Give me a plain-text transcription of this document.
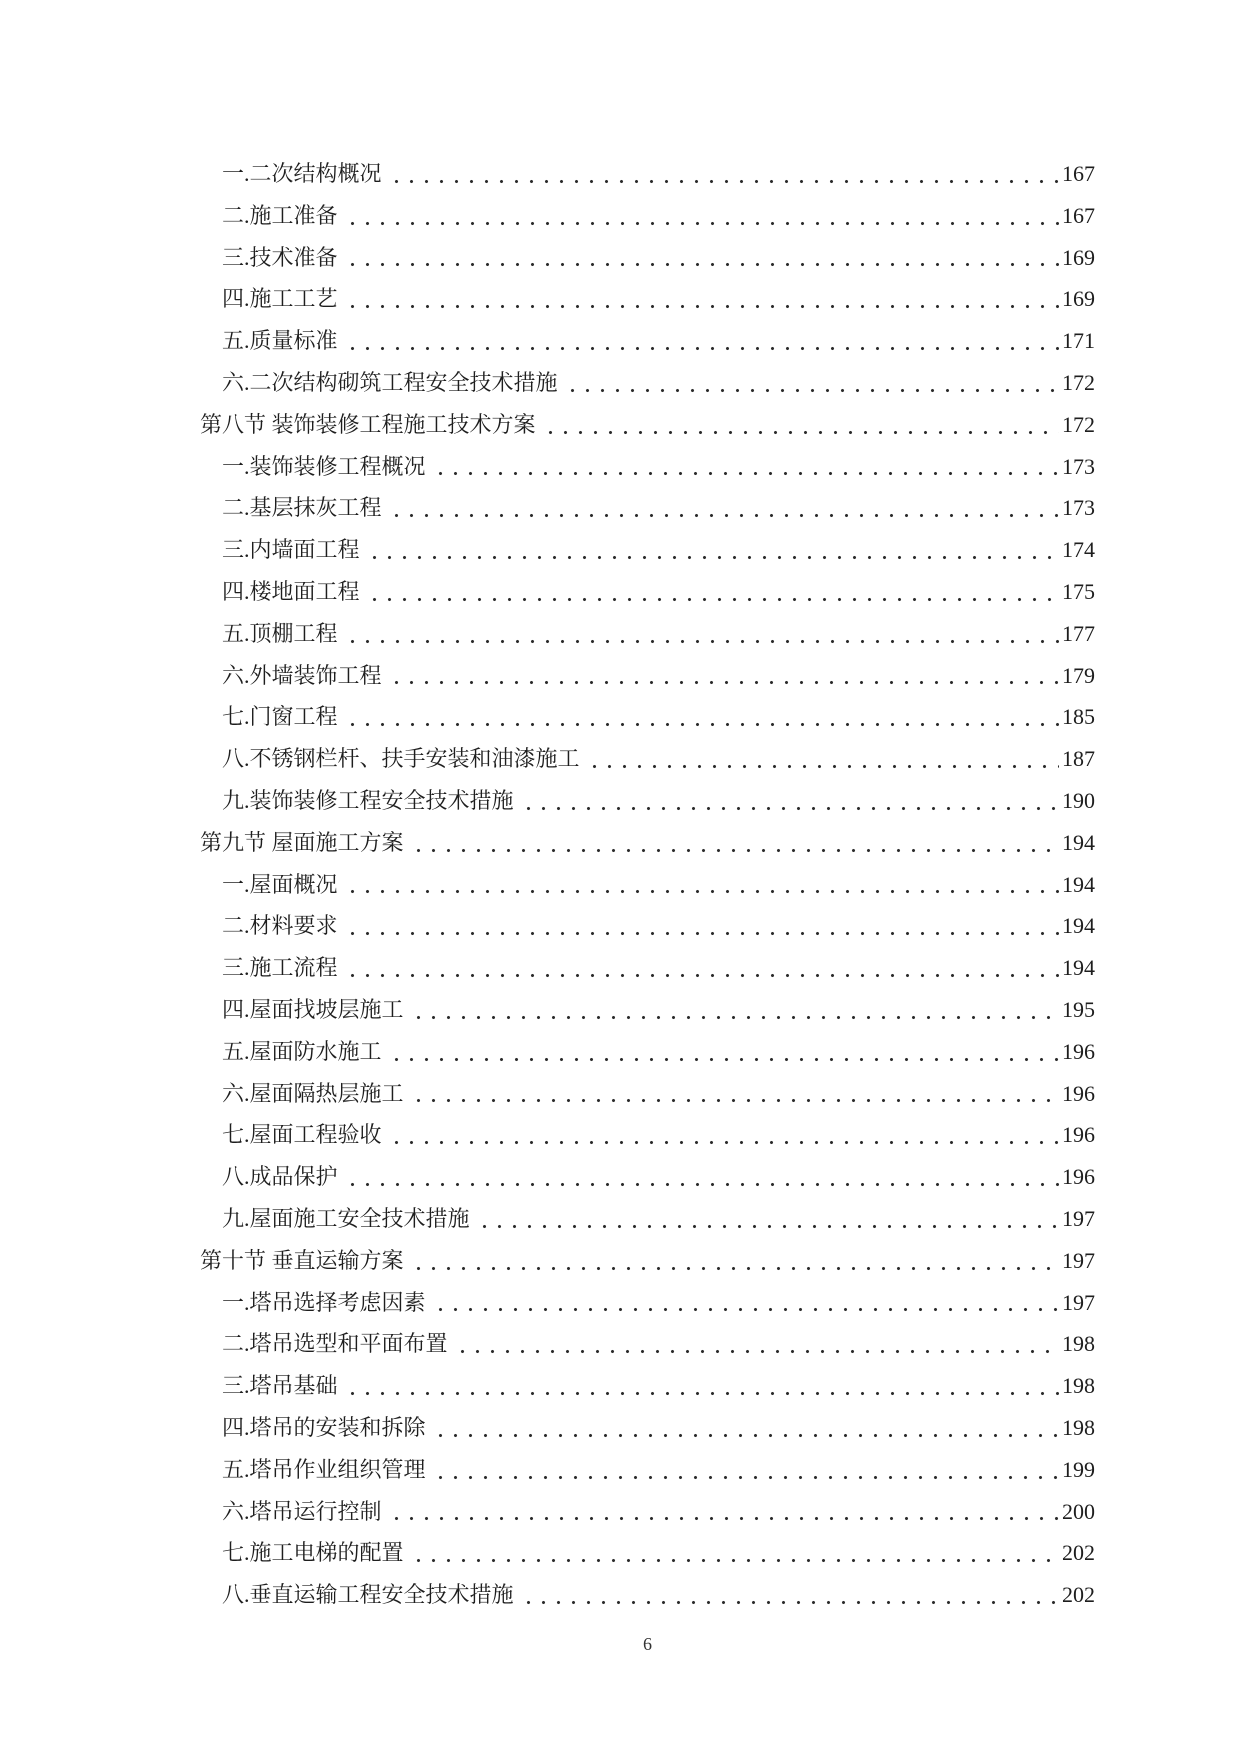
一.二次结构概况	167
二.施工准备	167
三.技术准备	169
四.施工工艺	169
五.质量标准	171
六.二次结构砌筑工程安全技术措施	172
第八节 装饰装修工程施工技术方案	172
一.装饰装修工程概况	173
二.基层抹灰工程	173
三.内墙面工程	174
四.楼地面工程	175
五.顶棚工程	177
六.外墙装饰工程	179
七.门窗工程	185
八.不锈钢栏杆、扶手安装和油漆施工	187
九.装饰装修工程安全技术措施	190
第九节 屋面施工方案	194
一.屋面概况	194
二.材料要求	194
三.施工流程	194
四.屋面找坡层施工	195
五.屋面防水施工	196
六.屋面隔热层施工	196
七.屋面工程验收	196
八.成品保护	196
九.屋面施工安全技术措施	197
第十节 垂直运输方案	197
一.塔吊选择考虑因素	197
二.塔吊选型和平面布置	198
三.塔吊基础	198
四.塔吊的安装和拆除	198
五.塔吊作业组织管理	199
六.塔吊运行控制	200
七.施工电梯的配置	202
八.垂直运输工程安全技术措施	202
6
